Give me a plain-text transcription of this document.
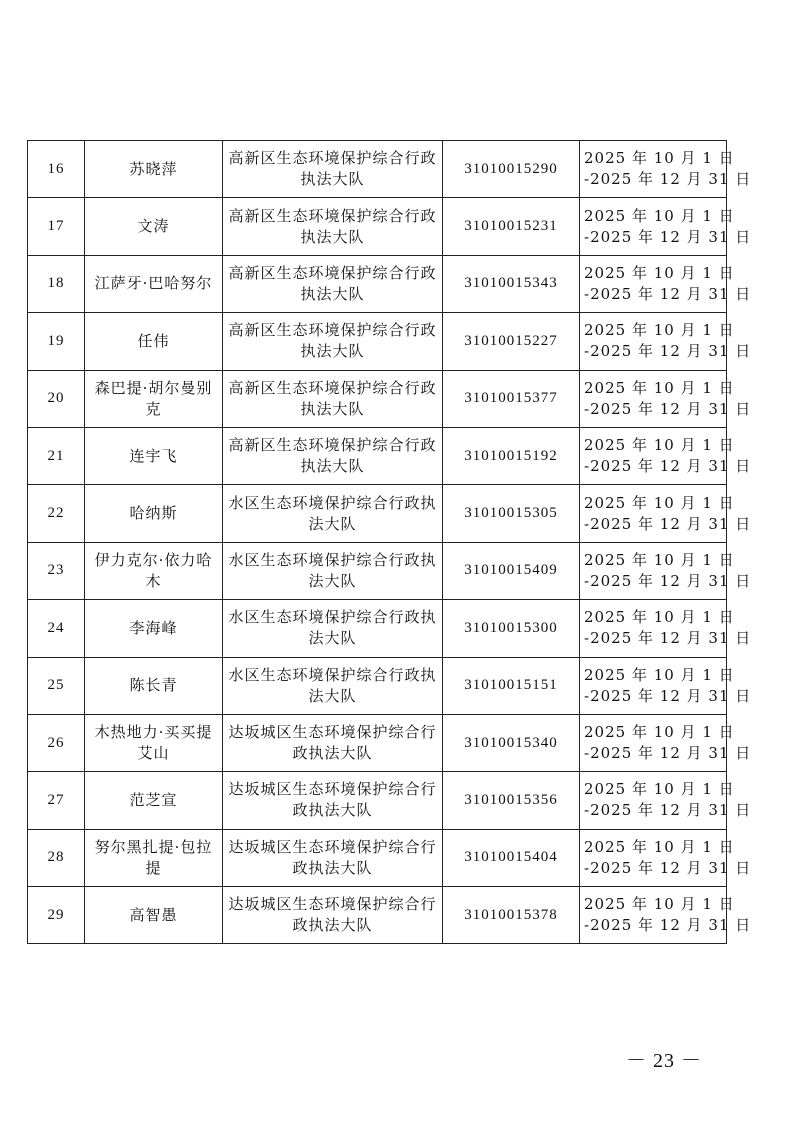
16	苏晓萍	高新区生态环境保护综合行政执法大队	31010015290	2025 年 10 月 1 日
-2025 年 12 月 31 日

17	文涛	高新区生态环境保护综合行政执法大队	31010015231	2025 年 10 月 1 日
-2025 年 12 月 31 日

18	江萨牙·巴哈努尔	高新区生态环境保护综合行政执法大队	31010015343	2025 年 10 月 1 日
-2025 年 12 月 31 日

19	任伟	高新区生态环境保护综合行政执法大队	31010015227	2025 年 10 月 1 日
-2025 年 12 月 31 日

20	森巴提·胡尔曼别克	高新区生态环境保护综合行政执法大队	31010015377	2025 年 10 月 1 日
-2025 年 12 月 31 日

21	连宇飞	高新区生态环境保护综合行政执法大队	31010015192	2025 年 10 月 1 日
-2025 年 12 月 31 日

22	哈纳斯	水区生态环境保护综合行政执法大队	31010015305	2025 年 10 月 1 日
-2025 年 12 月 31 日

23	伊力克尔·依力哈木	水区生态环境保护综合行政执法大队	31010015409	2025 年 10 月 1 日
-2025 年 12 月 31 日

24	李海峰	水区生态环境保护综合行政执法大队	31010015300	2025 年 10 月 1 日
-2025 年 12 月 31 日

25	陈长青	水区生态环境保护综合行政执法大队	31010015151	2025 年 10 月 1 日
-2025 年 12 月 31 日

26	木热地力·买买提艾山	达坂城区生态环境保护综合行政执法大队	31010015340	2025 年 10 月 1 日
-2025 年 12 月 31 日

27	范芝宣	达坂城区生态环境保护综合行政执法大队	31010015356	2025 年 10 月 1 日
-2025 年 12 月 31 日

28	努尔黑扎提·包拉提	达坂城区生态环境保护综合行政执法大队	31010015404	2025 年 10 月 1 日
-2025 年 12 月 31 日

29	高智愚	达坂城区生态环境保护综合行政执法大队	31010015378	2025 年 10 月 1 日
-2025 年 12 月 31 日
－ 23 －
